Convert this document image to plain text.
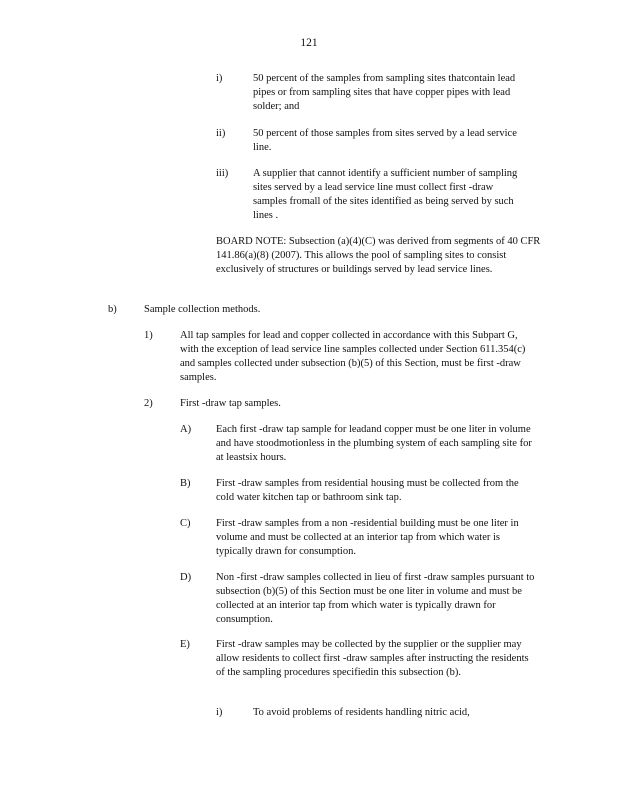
121
i)	50 percent of the samples from sampling sites thatcontain lead pipes or from sampling sites that have copper pipes with lead solder; and
ii)	50 percent of those samples from sites served by a lead service line.
iii) A supplier that cannot identify a sufficient number of sampling sites served by a lead service line must collect first -draw samples fromall of the sites identified as being served by such lines .
BOARD NOTE: Subsection (a)(4)(C) was derived from segments of 40 CFR 141.86(a)(8) (2007). This allows the pool of sampling sites to consist exclusively of structures or buildings served by lead service lines.
b)	Sample collection methods.
1)	All tap samples for lead and copper collected in accordance with this Subpart G, with the exception of lead service line samples collected under Section 611.354(c) and samples collected under subsection (b)(5) of this Section, must be first -draw samples.
2)	First -draw tap samples.
A) Each first -draw tap sample for leadand copper must be one liter in volume and have stoodmotionless in the plumbing system of each sampling site for at leastsix hours.
B) First -draw samples from residential housing must be collected from the cold water kitchen tap or bathroom sink tap.
C) First -draw samples from a non -residential building must be one liter in volume and must be collected at an interior tap from which water is typically drawn for consumption.
D) Non -first -draw samples collected in lieu of first -draw samples pursuant to subsection (b)(5) of this Section must be one liter in volume and must be collected at an interior tap from which water is typically drawn for consumption.
E) First -draw samples may be collected by the supplier or the supplier may allow residents to collect first -draw samples after instructing the residents of the sampling procedures specifiedin this subsection (b).
i)	To avoid problems of residents handling nitric acid,
